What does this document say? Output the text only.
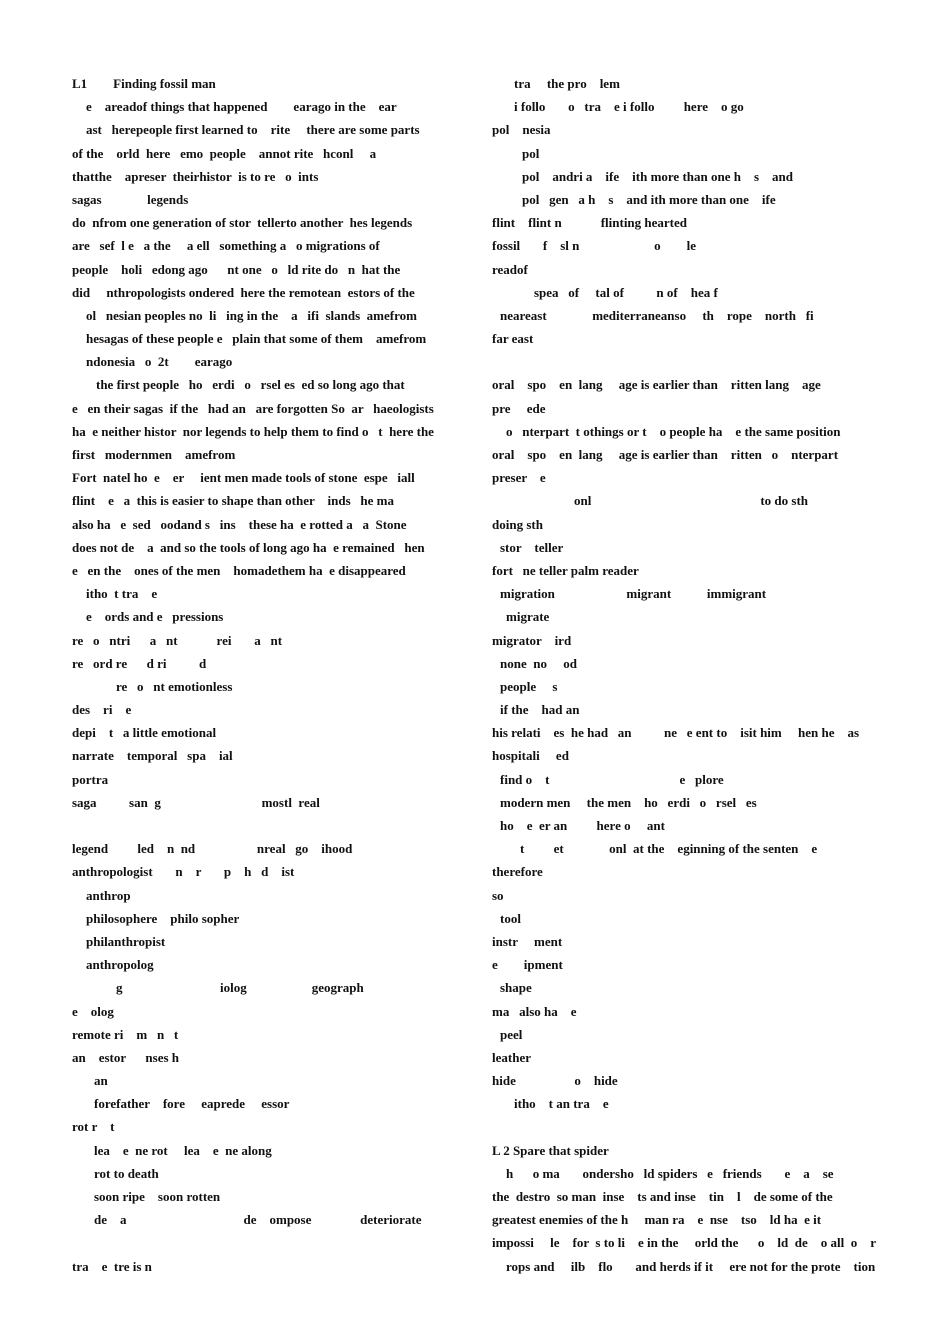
L1        Finding fossil man
e    areadof things that happened        earago in the    ear
ast   herepeople first learned to    rite     there are some parts
of the    orld  here   emo  people    annot rite   hconl     a
thatthe    apreser  theirhistor  is to re   o  ints
sagas              legends
do  nfrom one generation of stor  tellerto another  hes legends
are   sef  l e   a the     a ell   something a   o migrations of
people    holi   edong ago      nt one   o   ld rite do   n  hat the
did     nthropologists ondered  here the remotean  estors of the
ol   nesian peoples no  li   ing in the    a   ifi  slands  amefrom
hesagas of these people e   plain that some of them    amefrom
ndonesia   o  2t        earago
the first people   ho   erdi   o   rsel es  ed so long ago that
e   en their sagas  if the   had an   are forgotten So  ar   haeologists
ha  e neither histor  nor legends to help them to find o   t  here the
first   modernmen    amefrom
Fort  natel ho  e    er     ient men made tools of stone  espe   iall
flint    e   a  this is easier to shape than other    inds   he ma
also ha   e  sed   oodand s   ins    these ha  e rotted a   a  Stone
does not de    a  and so the tools of long ago ha  e remained   hen
e   en the    ones of the men    homadethem ha  e disappeared
itho  t tra    e
e    ords and e   pressions
re   o   ntri      a   nt            rei       a   nt
re   ord re      d ri          d
re   o   nt emotionless
des    ri    e
depi    t   a little emotional
narrate    temporal   spa    ial
portra
saga          san  g                               mostl  real
legend         led    n  nd                   nreal   go    ihood
anthropologist       n    r       p    h   d    ist
anthrop
philosophere    philo sopher
philanthropist
anthropolog
g                              iolog                    geograph
e    olog
remote ri    m   n   t
an    estor      nses h
an
forefather    fore     eaprede     essor
rot r    t
lea    e  ne rot     lea    e  ne along
rot to death
soon ripe    soon rotten
de    a                                    de    ompose               deteriorate
tra    e  tre is n
tra     the pro    lem
i follo       o   tra    e i follo         here    o go
pol    nesia
pol
pol    andri a    ife    ith more than one h    s    and
pol   gen   a h    s    and ith more than one    ife
flint    flint n            flinting hearted
fossil       f    sl n                       o        le
readof
spea   of     tal of          n of    hea f
neareast              mediterraneanso     th    rope    north   fi
far east
oral    spo    en  lang     age is earlier than    ritten lang    age
pre     ede
o   nterpart  t othings or t    o people ha    e the same position
oral    spo    en  lang     age is earlier than    ritten   o    nterpart
preser    e
onl                                                    to do sth
doing sth
stor    teller
fort   ne teller palm reader
migration                      migrant           immigrant
migrate
migrator    ird
none  no     od
people     s
if the    had an
his relati    es  he had   an          ne   e ent to    isit him     hen he    as
hospitali     ed
find o    t                                        e   plore
modern men     the men    ho   erdi   o   rsel   es
ho    e  er an         here o     ant
t         et              onl  at the    eginning of the senten    e
therefore
so
tool
instr     ment
e        ipment
shape
ma   also ha    e
peel
leather
hide                  o    hide
itho    t an tra    e
L 2 Spare that spider
h      o ma       ondersho   ld spiders   e   friends       e    a    se
the  destro  so man  inse    ts and inse    tin    l    de some of the
greatest enemies of the h     man ra    e  nse    tso    ld ha  e it
impossi     le    for  s to li    e in the     orld the      o    ld  de    o all  o    r
rops and     ilb    flo       and herds if it     ere not for the prote    tion
